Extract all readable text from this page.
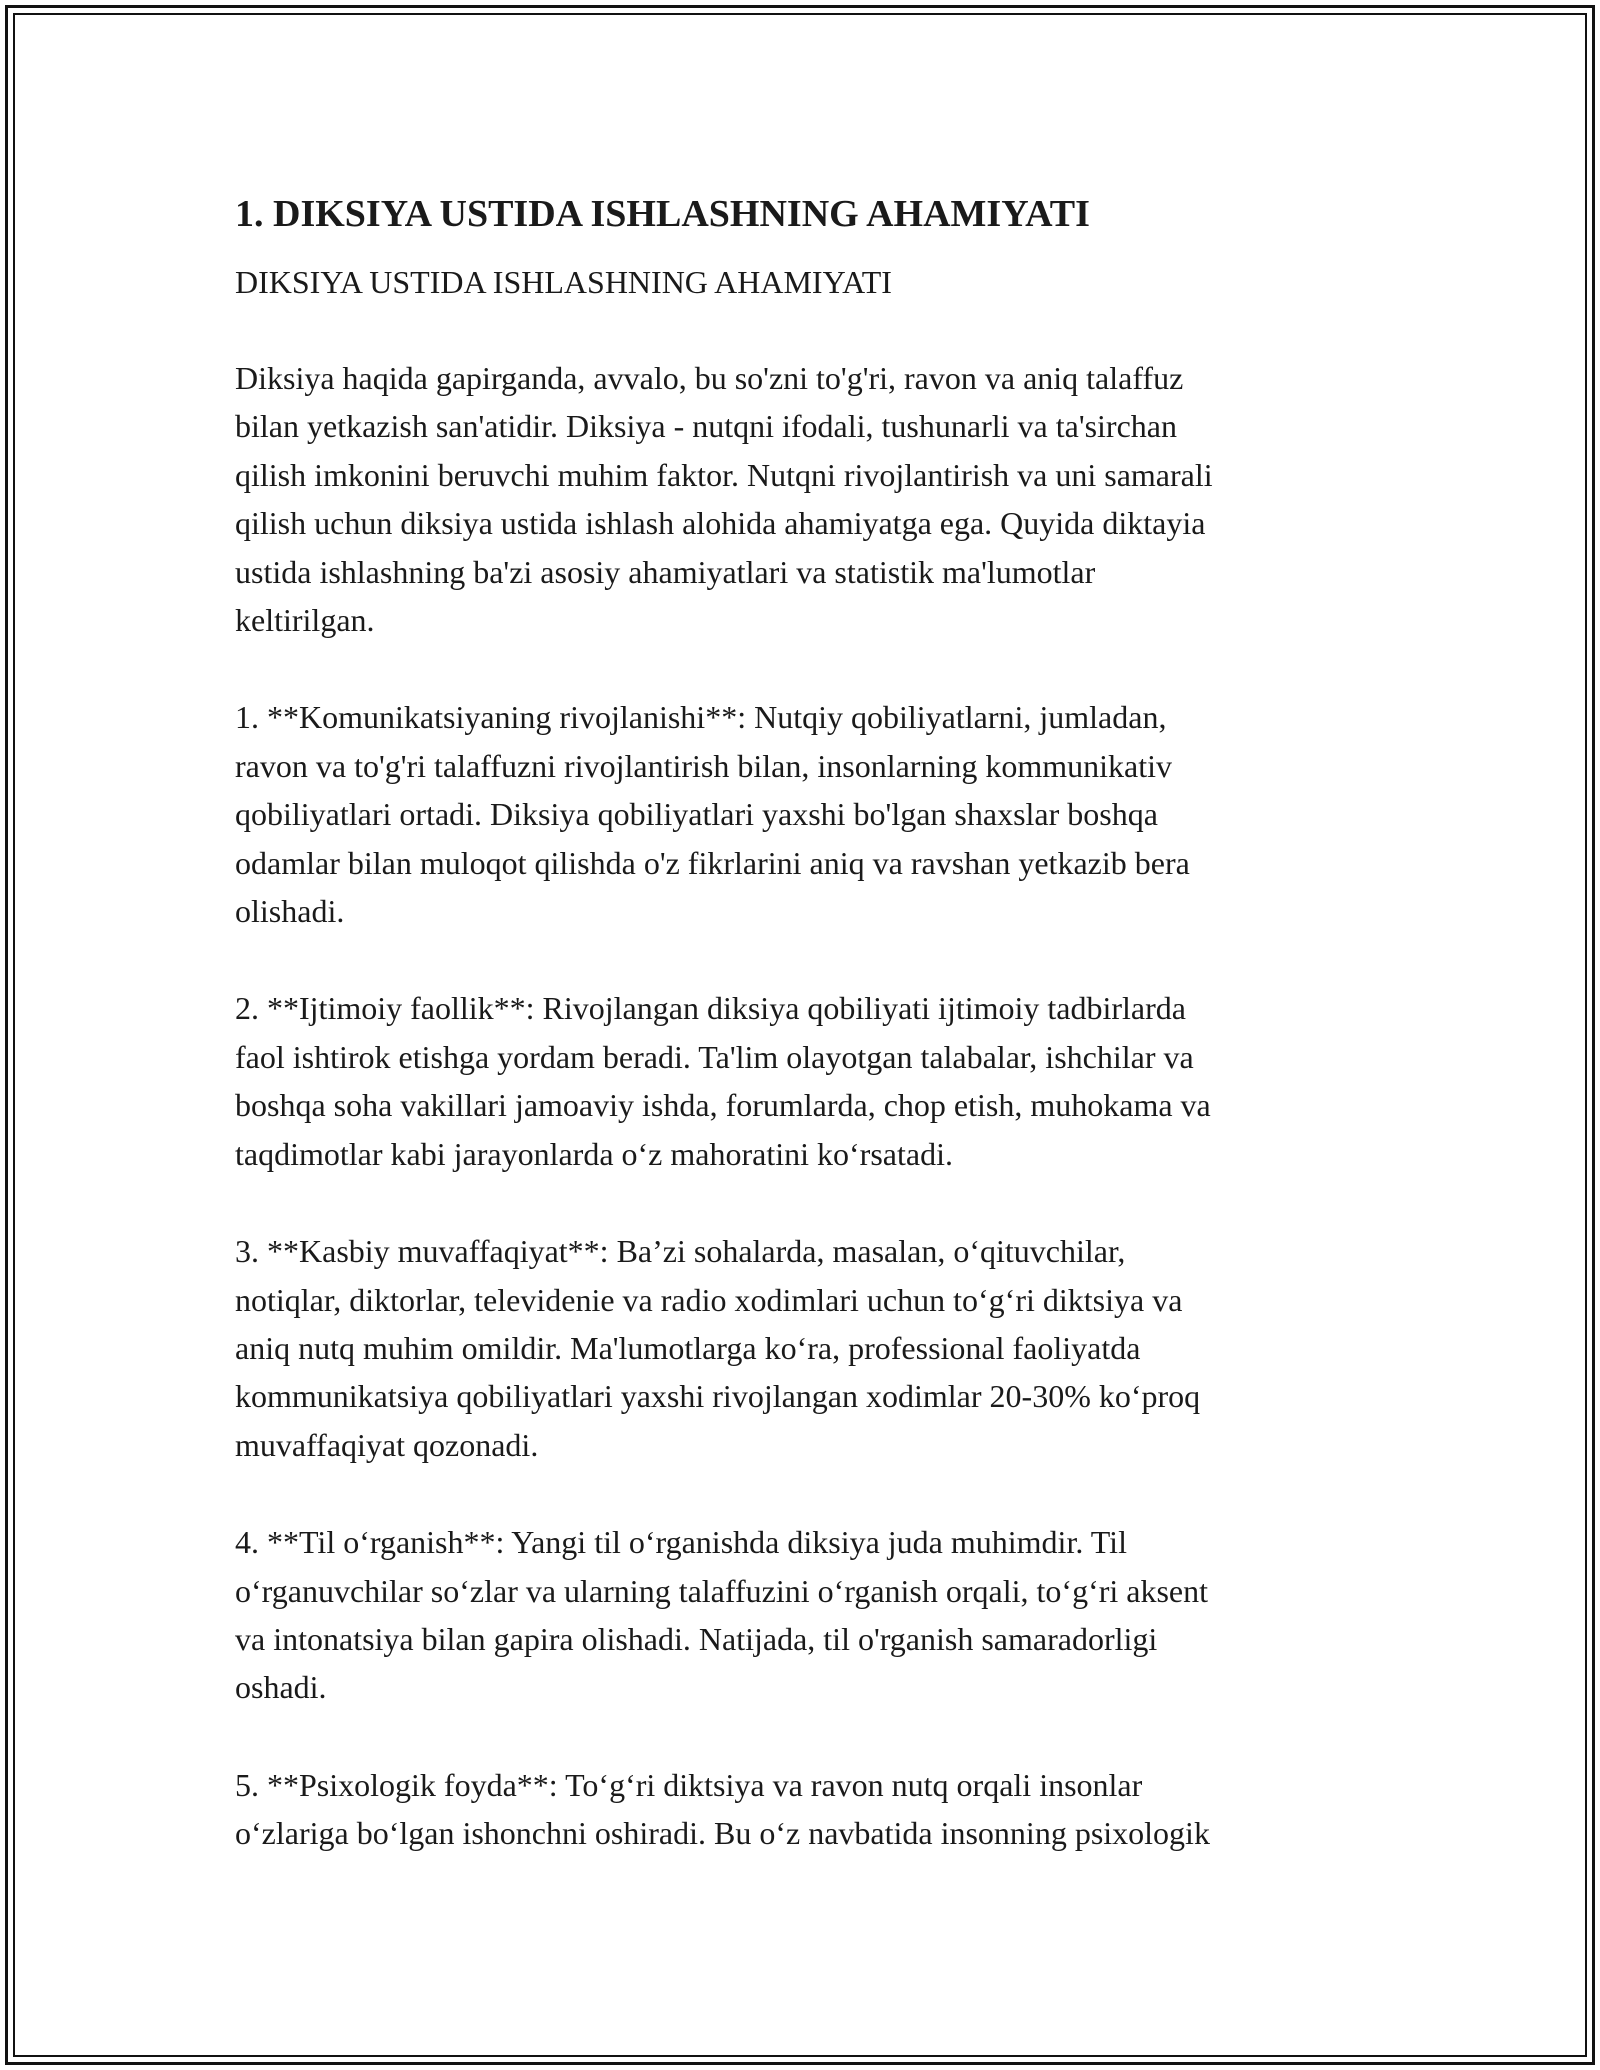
1. DIKSIYA USTIDA ISHLASHNING AHAMIYATI
DIKSIYA USTIDA ISHLASHNING AHAMIYATI

Diksiya haqida gapirganda, avvalo, bu so'zni to'g'ri, ravon va aniq talaffuz
bilan yetkazish san'atidir. Diksiya - nutqni ifodali, tushunarli va ta'sirchan
qilish imkonini beruvchi muhim faktor. Nutqni rivojlantirish va uni samarali
qilish uchun diksiya ustida ishlash alohida ahamiyatga ega. Quyida diktayia
ustida ishlashning ba'zi asosiy ahamiyatlari va statistik ma'lumotlar
keltirilgan.

1. **Komunikatsiyaning rivojlanishi**: Nutqiy qobiliyatlarni, jumladan,
ravon va to'g'ri talaffuzni rivojlantirish bilan, insonlarning kommunikativ
qobiliyatlari ortadi. Diksiya qobiliyatlari yaxshi bo'lgan shaxslar boshqa
odamlar bilan muloqot qilishda o'z fikrlarini aniq va ravshan yetkazib bera
olishadi.

2. **Ijtimoiy faollik**: Rivojlangan diksiya qobiliyati ijtimoiy tadbirlarda
faol ishtirok etishga yordam beradi. Ta'lim olayotgan talabalar, ishchilar va
boshqa soha vakillari jamoaviy ishda, forumlarda, chop etish, muhokama va
taqdimotlar kabi jarayonlarda o‘z mahoratini ko‘rsatadi.

3. **Kasbiy muvaffaqiyat**: Ba’zi sohalarda, masalan, o‘qituvchilar,
notiqlar, diktorlar, televidenie va radio xodimlari uchun to‘g‘ri diktsiya va
aniq nutq muhim omildir. Ma'lumotlarga ko‘ra, professional faoliyatda
kommunikatsiya qobiliyatlari yaxshi rivojlangan xodimlar 20-30% ko‘proq
muvaffaqiyat qozonadi.

4. **Til o‘rganish**: Yangi til o‘rganishda diksiya juda muhimdir. Til
o‘rganuvchilar so‘zlar va ularning talaffuzini o‘rganish orqali, to‘g‘ri aksent
va intonatsiya bilan gapira olishadi. Natijada, til o'rganish samaradorligi
oshadi.

5. **Psixologik foyda**: To‘g‘ri diktsiya va ravon nutq orqali insonlar
o‘zlariga bo‘lgan ishonchni oshiradi. Bu o‘z navbatida insonning psixologik
